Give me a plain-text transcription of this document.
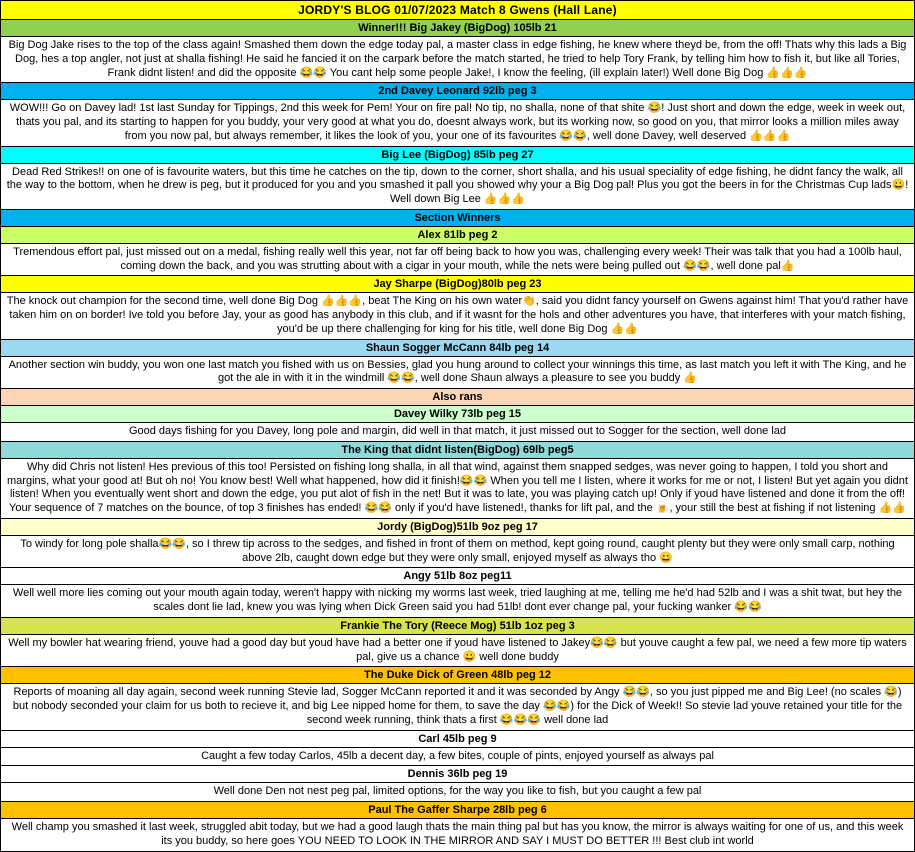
JORDY'S BLOG 01/07/2023 Match 8 Gwens (Hall Lane)
Winner!!! Big Jakey (BigDog) 105lb 21
Big Dog Jake rises to the top of the class again! Smashed them down the edge today pal, a master class in edge fishing, he knew where theyd be, from the off! Thats why this lads a Big Dog, hes a top angler, not just at shalla fishing! He said he fancied it on the carpark before the match started, he tried to help Tory Frank, by telling him how to fish it, but like all Tories, Frank didnt listen! and did the opposite 😂😂 You cant help some people Jake!, I know the feeling, (ill explain later!) Well done Big Dog 👍👍👍
2nd Davey Leonard 92lb peg 3
WOW!!! Go on Davey lad! 1st last Sunday for Tippings, 2nd this week for Pem! Your on fire pal! No tip, no shalla, none of that shite 😂! Just short and down the edge, week in week out, thats you pal, and its starting to happen for you buddy, your very good at what you do, doesnt always work, but its working now, so good on you, that mirror looks a million miles away from you now pal, but always remember, it likes the look of you, your one of its favourites 😂😂, well done Davey, well deserved 👍👍👍
Big Lee (BigDog) 85lb peg 27
Dead Red Strikes!! on one of is favourite waters, but this time he catches on the tip, down to the corner, short shalla, and his usual speciality of edge fishing, he didnt fancy the walk, all the way to the bottom, when he drew is peg, but it produced for you and you smashed it pall you showed why your a Big Dog pal! Plus you got the beers in for the Christmas Cup lads😀! Well down Big Lee 👍👍👍
Section Winners
Alex 81lb peg 2
Tremendous effort pal, just missed out on a medal, fishing really well this year, not far off being back to how you was, challenging every week! Their was talk that you had a 100lb haul, coming down the back, and you was strutting about with a cigar in your mouth, while the nets were being pulled out 😂😂, well done pal👍
Jay Sharpe (BigDog)80lb peg 23
The knock out champion for the second time, well done Big Dog 👍👍👍, beat The King on his own water👏, said you didnt fancy yourself on Gwens against him! That you'd rather have taken him on on border! Ive told you before Jay, your as good has anybody in this club, and if it wasnt for the hols and other adventures you have, that interferes with your match fishing, you'd be up there challenging for king for his title, well done Big Dog 👍👍
Shaun Sogger McCann 84lb peg 14
Another section win buddy, you won one last match you fished with us on Bessies, glad you hung around to collect your winnings this time, as last match you left it with The King, and he got the ale in with it in the windmill 😂😂, well done Shaun always a pleasure to see you buddy 👍
Also rans
Davey Wilky 73lb peg 15
Good days fishing for you Davey, long pole and margin, did well in that match, it just missed out to Sogger for the section, well done lad
The King that didnt listen(BigDog) 69lb peg5
Why did Chris not listen! Hes previous of this too! Persisted on fishing long shalla, in all that wind, against them snapped sedges, was never going to happen, I told you short and margins, what your good at! But oh no! You know best! Well what happened, how did it finish!😂😂 When you tell me I listen, where it works for me or not, I listen! But yet again you didnt listen! When you eventually went short and down the edge, you put alot of fish in the net! But it was to late, you was playing catch up! Only if youd have listened and done it from the off! Your sequence of 7 matches on the bounce, of top 3 finishes has ended! 😂😂 only if you'd have listened!, thanks for lift pal, and the 🍺, your still the best at fishing if not listening 👍👍
Jordy (BigDog)51lb 9oz peg 17
To windy for long pole shalla😂😂, so I threw tip across to the sedges, and fished in front of them on method, kept going round, caught plenty but they were only small carp, nothing above 2lb, caught down edge but they were only small, enjoyed myself as always tho 😀
Angy 51lb 8oz peg11
Well well more lies coming out your mouth again today, weren't happy with nicking my worms last week, tried laughing at me, telling me he'd had 52lb and I was a shit twat, but hey the scales dont lie lad, knew you was lying when Dick Green said you had 51lb! dont ever change pal, your fucking wanker 😂😂
Frankie The Tory (Reece Mog) 51lb 1oz peg 3
Well my bowler hat wearing friend, youve had a good day but youd have had a better one if youd have listened to Jakey😂😂 but youve caught a few pal, we need a few more tip waters pal, give us a chance 😀 well done buddy
The Duke Dick of Green 48lb peg 12
Reports of moaning all day again, second week running Stevie lad, Sogger McCann reported it and it was seconded by Angy 😂😂, so you just pipped me and Big Lee! (no scales 😂) but nobody seconded your claim for us both to recieve it, and big Lee nipped home for them, to save the day 😂😂) for the Dick of Week!! So stevie lad youve retained your title for the second week running, think thats a first 😂😂😂 well done lad
Carl 45lb peg 9
Caught a few today Carlos, 45lb a decent day, a few bites, couple of pints, enjoyed yourself as always pal
Dennis 36lb peg 19
Well done Den not nest peg pal, limited options, for the way you like to fish, but you caught a few pal
Paul The Gaffer Sharpe 28lb peg 6
Well champ you smashed it last week, struggled abit today, but we had a good laugh thats the main thing pal but has you know, the mirror is always waiting for one of us, and this week its you buddy, so here goes YOU NEED TO LOOK IN THE MIRROR AND SAY I MUST DO BETTER !!! Best club int world
